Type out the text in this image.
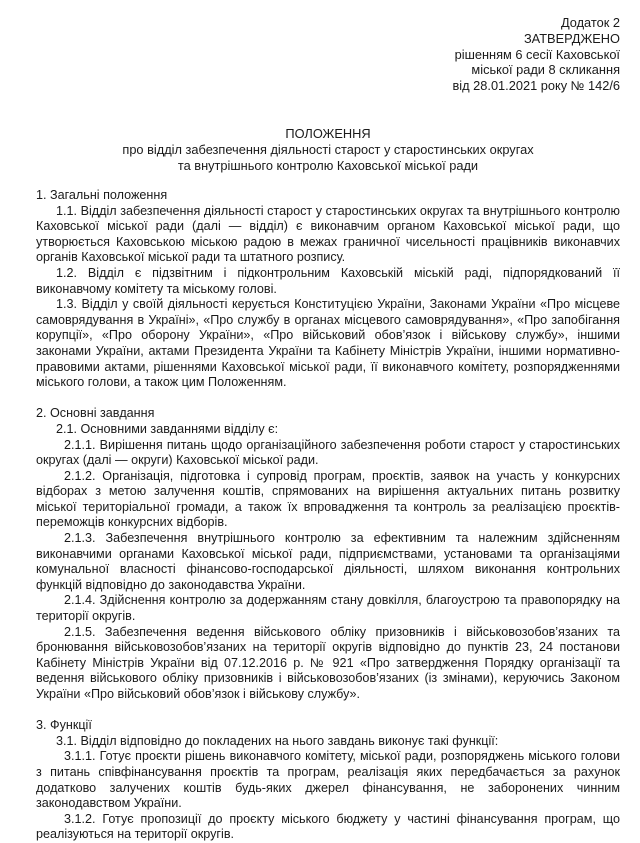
Додаток 2
ЗАТВЕРДЖЕНО
рішенням 6 сесії Каховської
міської ради 8 скликання
від 28.01.2021 року № 142/6
ПОЛОЖЕННЯ
про відділ забезпечення діяльності старост у старостинських округах
та внутрішнього контролю Каховської міської ради

1. Загальні положення

1.1. Відділ забезпечення діяльності старост у старостинських округах та внутрішнього контролю Каховської міської ради (далі — відділ) є виконавчим органом Каховської міської ради, що утворюється Каховською міською радою в межах граничної чисельності працівників виконавчих органів Каховської міської ради та штатного розпису.

1.2. Відділ є підзвітним і підконтрольним Каховській міській раді, підпорядкований її виконавчому комітету та міському голові.

1.3. Відділ у своїй діяльності керується Конституцією України, Законами України «Про місцеве самоврядування в Україні», «Про службу в органах місцевого самоврядування», «Про запобігання корупції», «Про оборону України», «Про військовий обов’язок і військову службу», іншими законами України, актами Президента України та Кабінету Міністрів України, іншими нормативно-правовими актами, рішеннями Каховської міської ради, її виконавчого комітету, розпорядженнями міського голови, а також цим Положенням.

2. Основні завдання

2.1. Основними завданнями відділу є:

2.1.1. Вирішення питань щодо організаційного забезпечення роботи старост у старостинських округах (далі — округи) Каховської міської ради.

2.1.2. Організація, підготовка і супровід програм, проєктів, заявок на участь у конкурсних відборах з метою залучення коштів, спрямованих на вирішення актуальних питань розвитку міської територіальної громади, а також їх впровадження та контроль за реалізацією проєктів-переможців конкурсних відборів.

2.1.3. Забезпечення внутрішнього контролю за ефективним та належним здійсненням виконавчими органами Каховської міської ради, підприємствами, установами та організаціями комунальної власності фінансово-господарської діяльності, шляхом виконання контрольних функцій відповідно до законодавства України.

2.1.4. Здійснення контролю за додержанням стану довкілля, благоустрою та правопорядку на території округів.

2.1.5. Забезпечення ведення військового обліку призовників і військовозобов’язаних та бронювання військовозобов’язаних на території округів відповідно до пунктів 23, 24 постанови Кабінету Міністрів України від 07.12.2016 р. № 921 «Про затвердження Порядку організації та ведення військового обліку призовників і військовозобов’язаних (із змінами), керуючись Законом України «Про військовий обов’язок і військову службу».

3. Функції

3.1. Відділ відповідно до покладених на нього завдань виконує такі функції:

3.1.1. Готує проєкти рішень виконавчого комітету, міської ради, розпоряджень міського голови з питань співфінансування проєктів та програм, реалізація яких передбачається за рахунок додатково залучених коштів будь-яких джерел фінансування, не заборонених чинним законодавством України.

3.1.2. Готує пропозиції до проєкту міського бюджету у частині фінансування програм, що реалізуються на території округів.
